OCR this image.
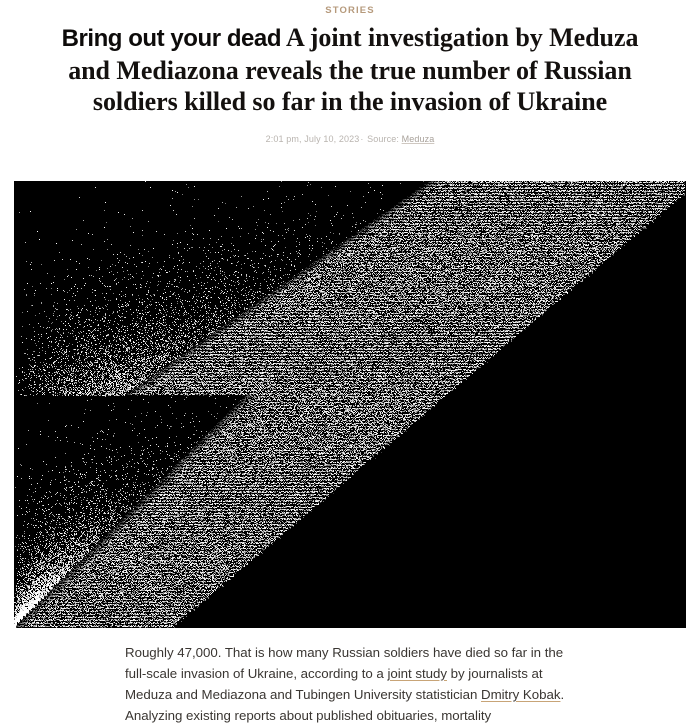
STORIES
Bring out your dead A joint investigation by Meduza and Mediazona reveals the true number of Russian soldiers killed so far in the invasion of Ukraine
2:01 pm, July 10, 2023· Source: Meduza
Roughly 47,000. That is how many Russian soldiers have died so far in the full-scale invasion of Ukraine, according to a joint study by journalists at Meduza and Mediazona and Tubingen University statistician Dmitry Kobak. Analyzing existing reports about published obituaries, mortality
